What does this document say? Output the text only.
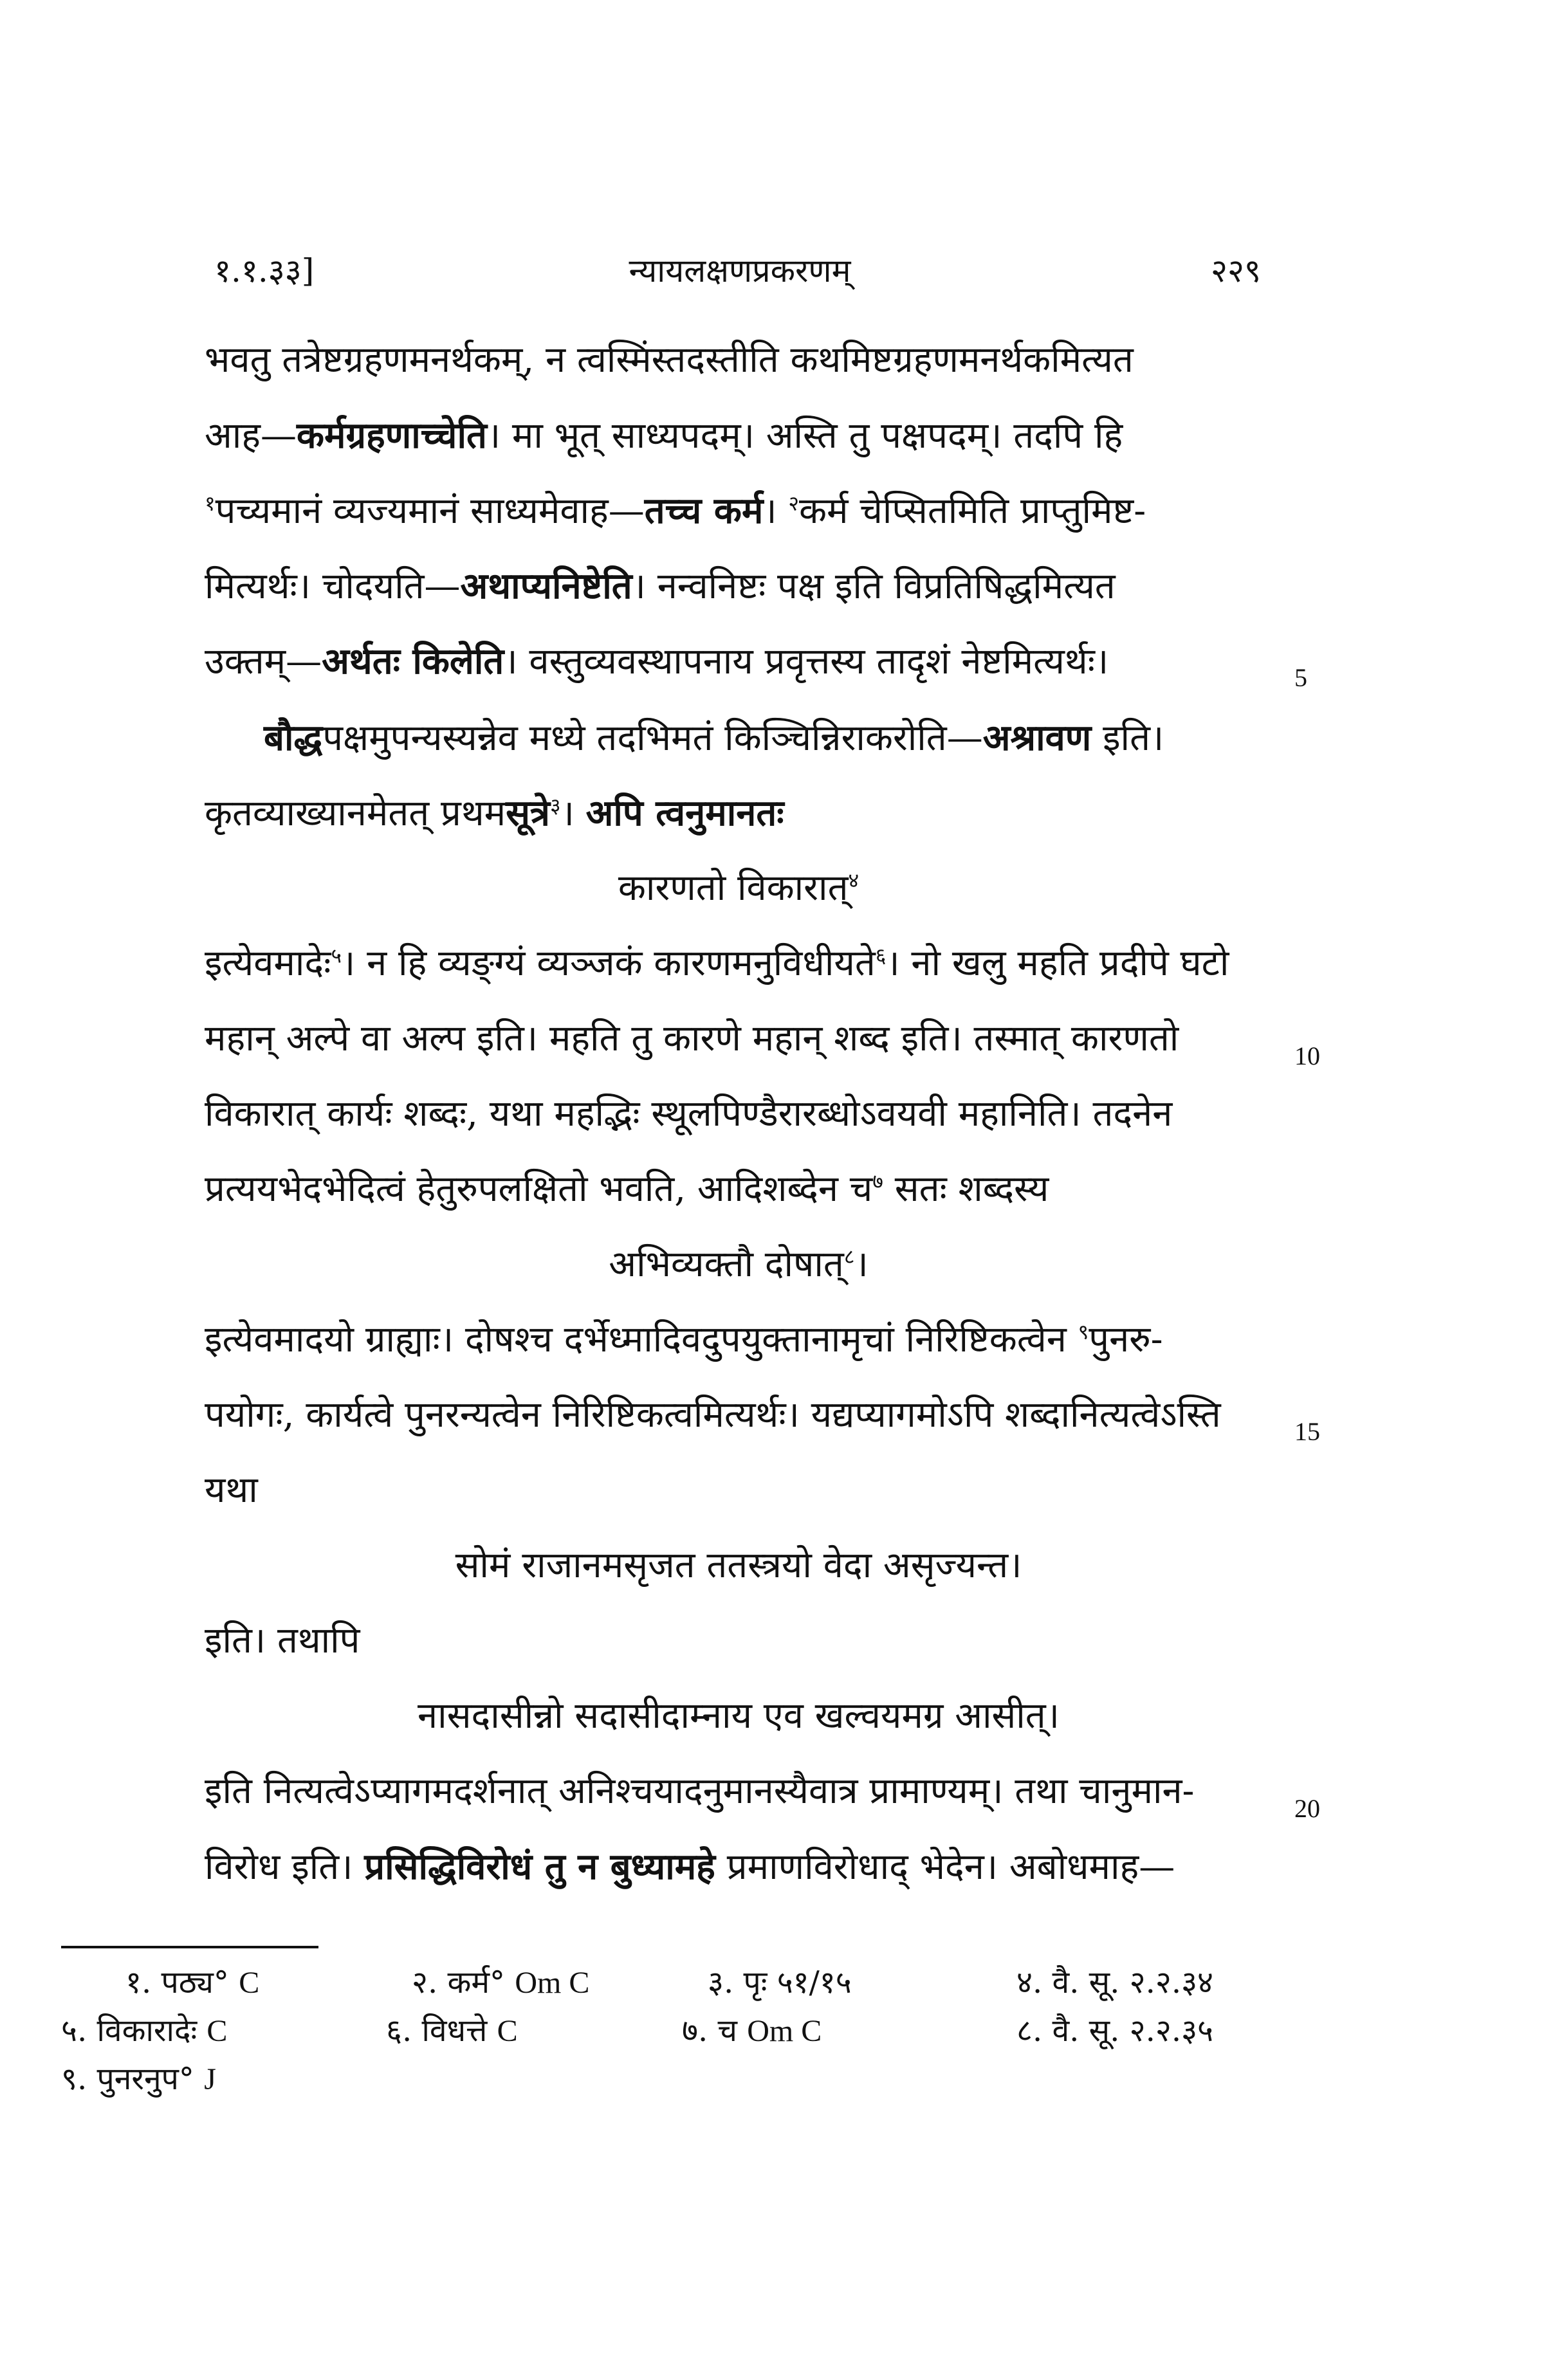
१.१.३३]	न्यायलक्षणप्रकरणम्	२२९
भवतु तत्रेष्टग्रहणमनर्थकम्, न त्वस्मिंस्तदस्तीति कथमिष्टग्रहणमनर्थकमित्यत
आह—कर्मग्रहणाच्चेति। मा भूत् साध्यपदम्। अस्ति तु पक्षपदम्। तदपि हि
$^१$पच्यमानं व्यज्यमानं साध्यमेवाह—तच्च कर्म। $^२$कर्म चेप्सितमिति प्राप्तुमिष्ट-
मित्यर्थः। चोदयति—अथाप्यनिष्टेति। नन्वनिष्टः पक्ष इति विप्रतिषिद्धमित्यत
उक्तम्—अर्थतः किलेति। वस्तुव्यवस्थापनाय प्रवृत्तस्य तादृशं नेष्टमित्यर्थः।
बौद्धपक्षमुपन्यस्यन्नेव मध्ये तदभिमतं किञ्चिन्निराकरोति—अश्रावण इति।
कृतव्याख्यानमेतत् प्रथमसूत्रे$^३$। अपि त्वनुमानतः
कारणतो विकारात्$^४$
इत्येवमादेः$^५$। न हि व्यङ्ग्यं व्यञ्जकं कारणमनुविधीयते$^६$। नो खलु महति प्रदीपे घटो
महान् अल्पे वा अल्प इति। महति तु कारणे महान् शब्द इति। तस्मात् कारणतो
विकारात् कार्यः शब्दः, यथा महद्भिः स्थूलपिण्डैरारब्धोऽवयवी महानिति। तदनेन
प्रत्ययभेदभेदित्वं हेतुरुपलक्षितो भवति, आदिशब्देन च$^७$ सतः शब्दस्य
अभिव्यक्तौ दोषात्$^८$।
इत्येवमादयो ग्राह्याः। दोषश्च दर्भेध्मादिवदुपयुक्तानामृचां निरिष्टिकत्वेन $^९$पुनरु-
पयोगः, कार्यत्वे पुनरन्यत्वेन निरिष्टिकत्वमित्यर्थः। यद्यप्यागमोऽपि शब्दानित्यत्वेऽस्ति
यथा
सोमं राजानमसृजत ततस्त्रयो वेदा असृज्यन्त।
इति। तथापि
नासदासीन्नो सदासीदाम्नाय एव खल्वयमग्र आसीत्।
इति नित्यत्वेऽप्यागमदर्शनात् अनिश्चयादनुमानस्यैवात्र प्रामाण्यम्। तथा चानुमान-
विरोध इति। प्रसिद्धिविरोधं तु न बुध्यामहे प्रमाणविरोधाद् भेदेन। अबोधमाह—
5
10
15
20
१. पठ्य° C	२. कर्म° Om C	३. पृः ५१/१५	४. वै. सू. २.२.३४
५. विकारादेः C	६. विधत्ते C	७. च Om C	८. वै. सू. २.२.३५
९. पुनरनुप° J
